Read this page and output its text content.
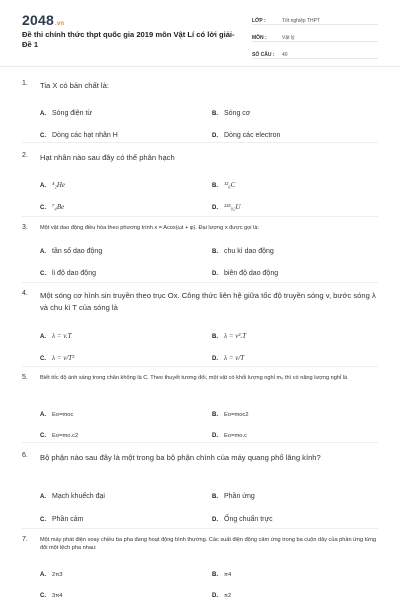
2048.vn
Đề thi chính thức thpt quốc gia 2019 môn Vật Lí có lời giải-Đề 1
LỚP :	Tốt nghiệp THPT
MÔN :	Vật lý
SỐ CÂU :	40
1. Tia X có bản chất là:
A. Sóng điện từ	B. Sóng cơ
C. Dòng các hạt nhân H	D. Dòng các electron
2. Hạt nhân nào sau đây có thể phân hạch
A. ⁴₂He	B. ¹²₆C
C. ⁷₄Be	D. ²³⁵₉₂U
3. Một vật dao động điều hòa theo phương trình x = Acos(ωt + φ). Đại lượng x được gọi là:
A. tần số dao động	B. chu kì dao động
C. li độ dao động	D. biên độ dao động
4. Một sóng cơ hình sin truyền theo trục Ox. Công thức liên hệ giữa tốc độ truyền sóng v, bước sóng λ và chu kì T của sóng là
A. λ = v.T	B. λ = v².T
C. λ = v/T²	D. λ = v/T
5. Biết tốc độ ánh sáng trong chân không là C. Theo thuyết tương đối, một vật có khối lượng nghỉ m₀ thì có năng lượng nghỉ là
A. Eo=moc	B. Eo=moc2
C. Eo=mo.c2	D. Eo=mo.c
6. Bộ phận nào sau đây là một trong ba bộ phận chính của máy quang phổ lăng kính?
A. Mạch khuếch đại	B. Phần ứng
C. Phần cảm	D. Ống chuẩn trực
7. Một máy phát điện xoay chiều ba pha đang hoạt động bình thường. Các suất điện động cảm ứng trong ba cuộn dây của phần ứng từng đôi một lệch pha nhau:
A. 2π3	B. π4
C. 3π4	D. π2
